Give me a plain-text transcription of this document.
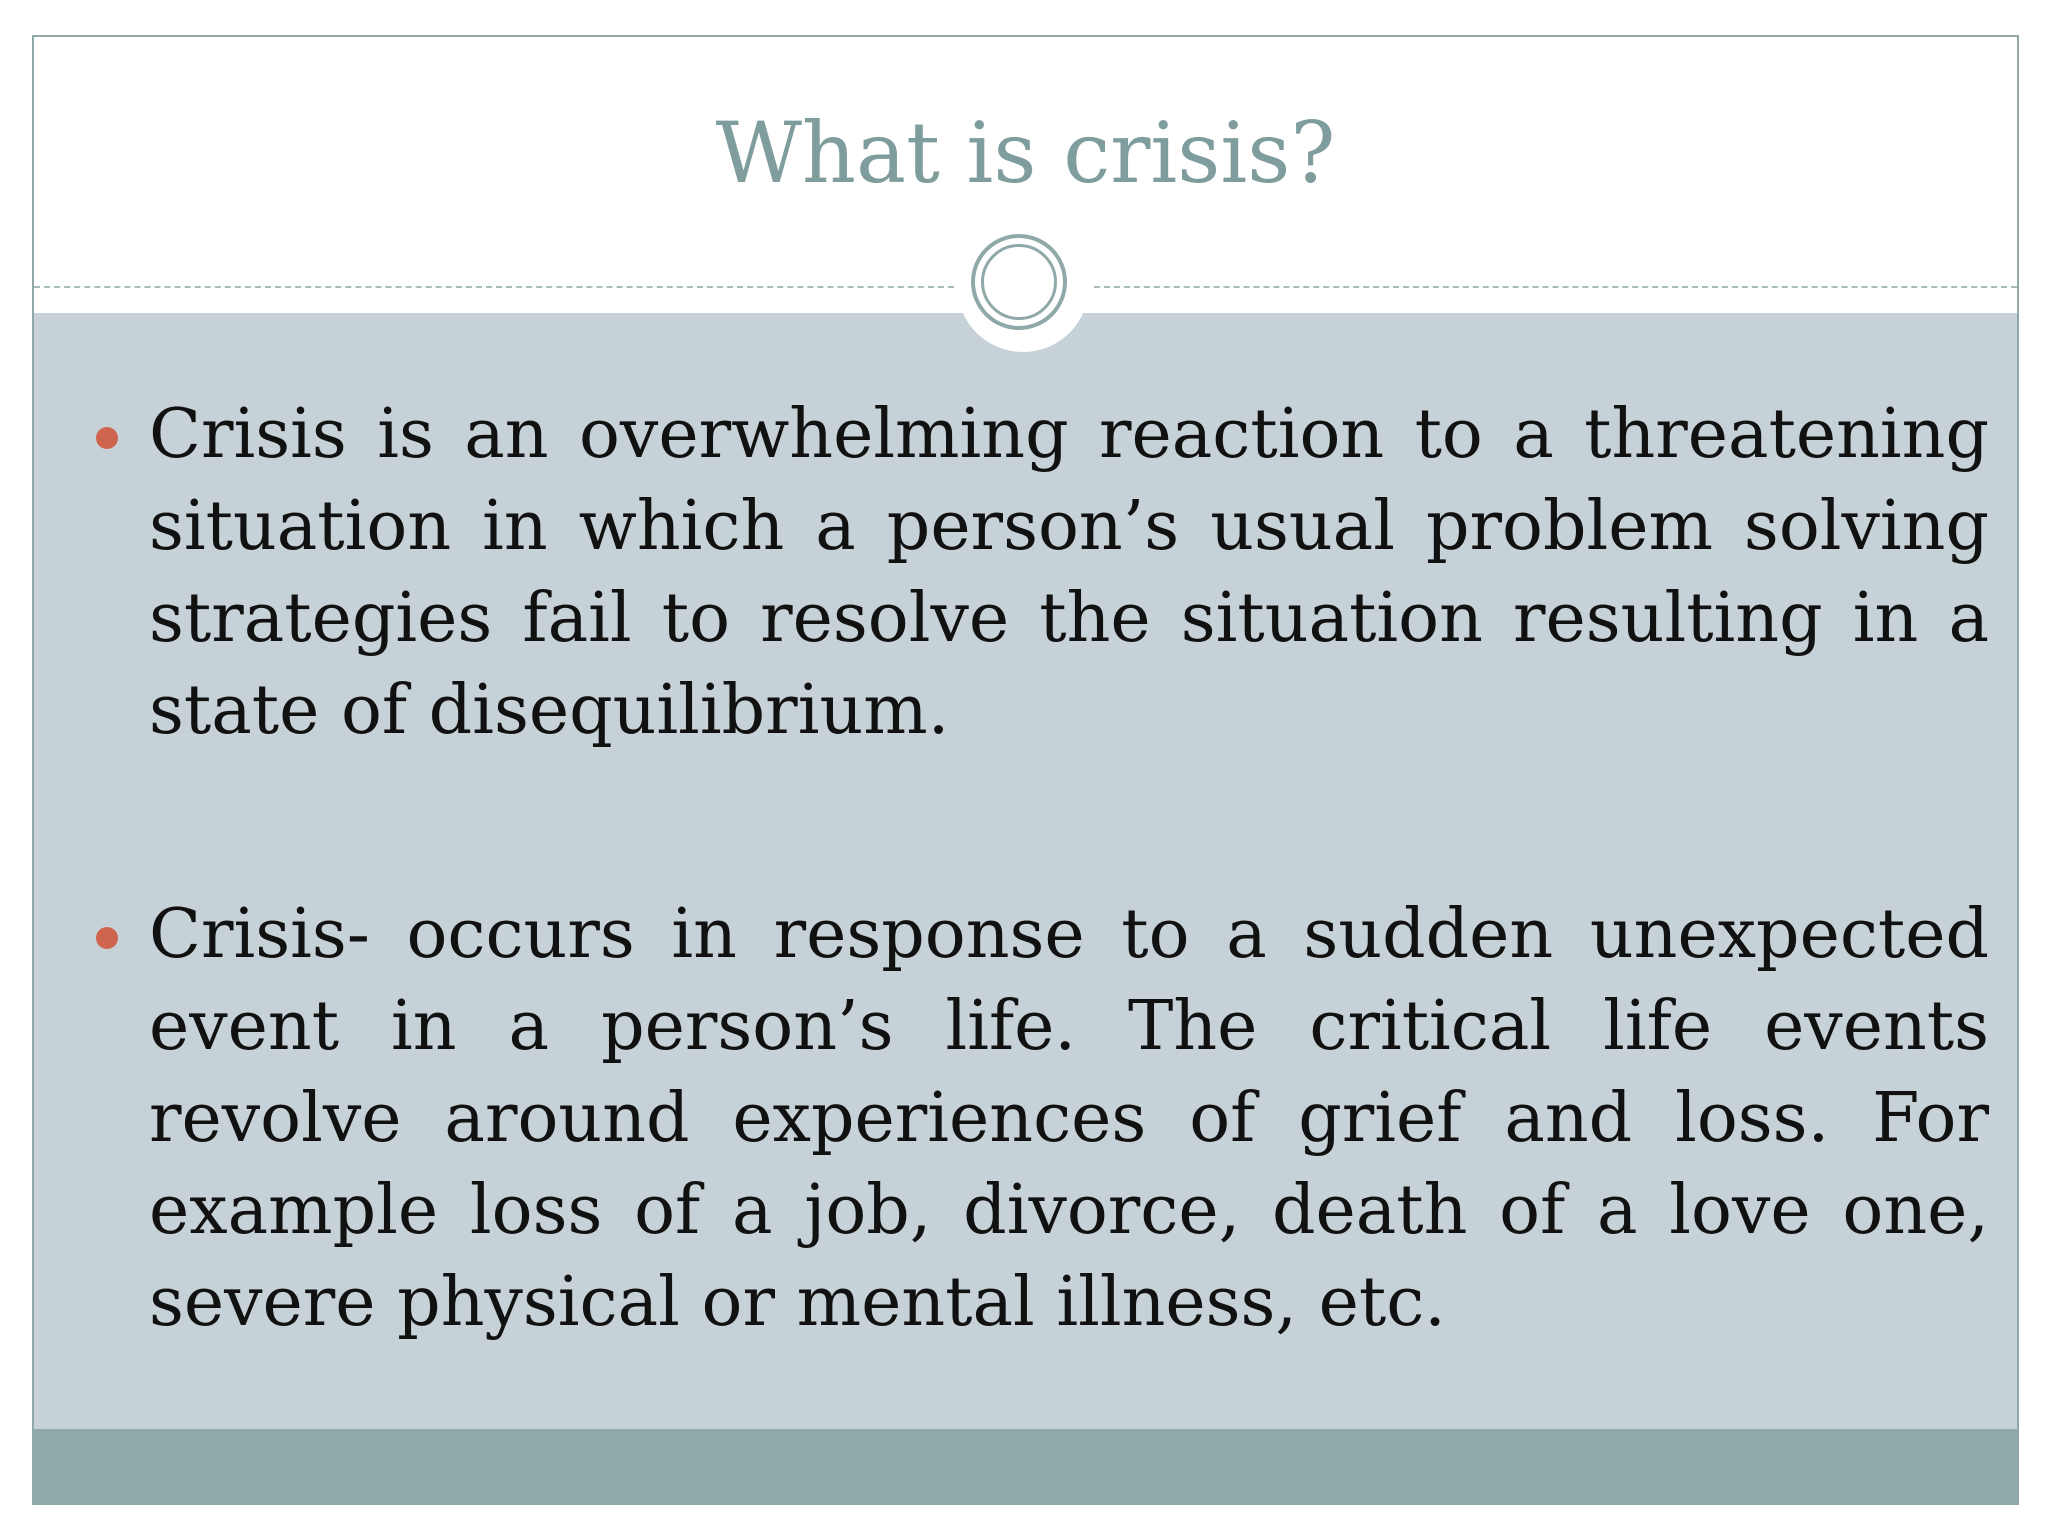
What is crisis?
Crisis is an overwhelming reaction to a threatening situation in which a person’s usual problem solving strategies fail to resolve the situation resulting in a state of disequilibrium.
Crisis- occurs in response to a sudden unexpected event in a person’s life. The critical life events revolve around experiences of grief and loss. For example loss of a job, divorce, death of a love one, severe physical or mental illness, etc.
